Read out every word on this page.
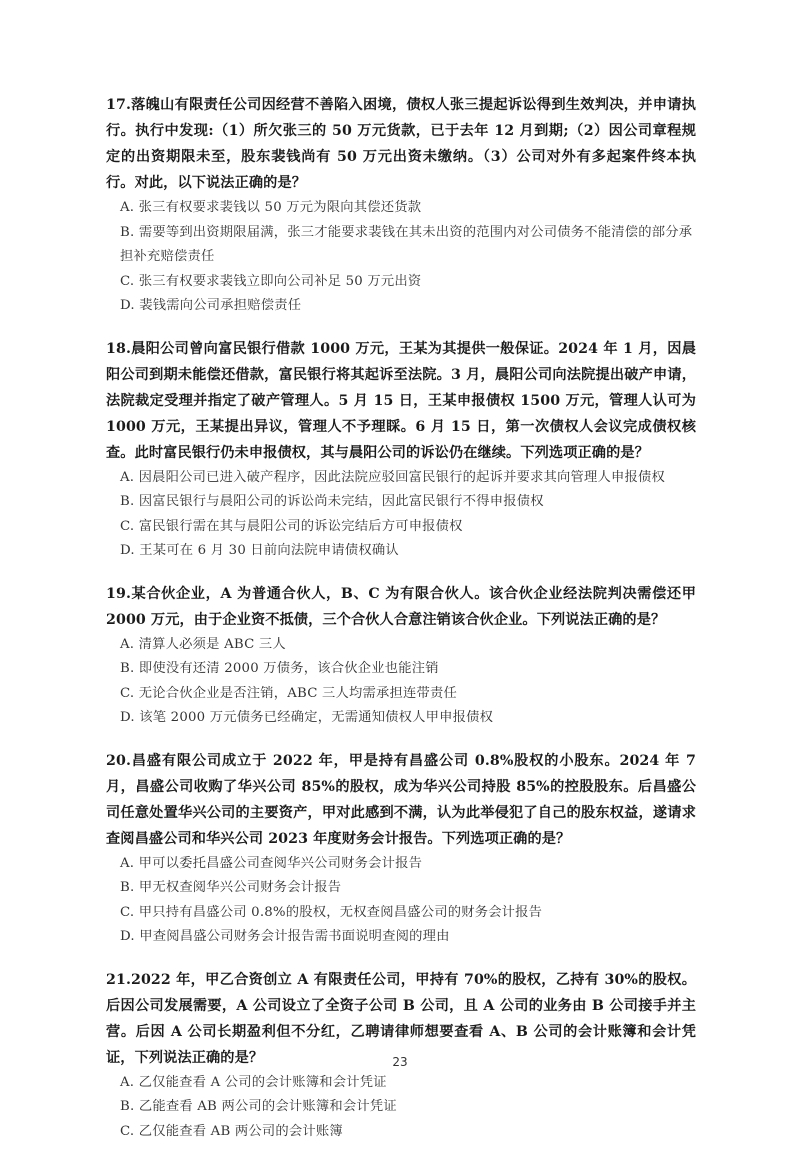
17.落魄山有限责任公司因经营不善陷入困境，债权人张三提起诉讼得到生效判决，并申请执行。执行中发现:（1）所欠张三的 50 万元货款，已于去年 12 月到期;（2）因公司章程规定的出资期限未至，股东裴钱尚有 50 万元出资未缴纳。（3）公司对外有多起案件终本执行。对此，以下说法正确的是？

A. 张三有权要求裴钱以 50 万元为限向其偿还货款

B. 需要等到出资期限届满，张三才能要求裴钱在其未出资的范围内对公司债务不能清偿的部分承担补充赔偿责任

C. 张三有权要求裴钱立即向公司补足 50 万元出资

D. 裴钱需向公司承担赔偿责任

18.晨阳公司曾向富民银行借款 1000 万元，王某为其提供一般保证。2024 年 1 月，因晨阳公司到期未能偿还借款，富民银行将其起诉至法院。3 月，晨阳公司向法院提出破产申请，法院裁定受理并指定了破产管理人。5 月 15 日，王某申报债权 1500 万元，管理人认可为 1000 万元，王某提出异议，管理人不予理睬。6 月 15 日，第一次债权人会议完成债权核查。此时富民银行仍未申报债权，其与晨阳公司的诉讼仍在继续。下列选项正确的是？

A. 因晨阳公司已进入破产程序，因此法院应驳回富民银行的起诉并要求其向管理人申报债权

B. 因富民银行与晨阳公司的诉讼尚未完结，因此富民银行不得申报债权

C. 富民银行需在其与晨阳公司的诉讼完结后方可申报债权

D. 王某可在 6 月 30 日前向法院申请债权确认

19.某合伙企业，A 为普通合伙人，B、C 为有限合伙人。该合伙企业经法院判决需偿还甲 2000 万元，由于企业资不抵债，三个合伙人合意注销该合伙企业。下列说法正确的是？

A. 清算人必须是 ABC 三人

B. 即使没有还清 2000 万债务，该合伙企业也能注销

C. 无论合伙企业是否注销，ABC 三人均需承担连带责任

D. 该笔 2000 万元债务已经确定，无需通知债权人甲申报债权

20.昌盛有限公司成立于 2022 年，甲是持有昌盛公司 0.8%股权的小股东。2024 年 7 月，昌盛公司收购了华兴公司 85%的股权，成为华兴公司持股 85%的控股股东。后昌盛公司任意处置华兴公司的主要资产，甲对此感到不满，认为此举侵犯了自己的股东权益，遂请求查阅昌盛公司和华兴公司 2023 年度财务会计报告。下列选项正确的是？

A. 甲可以委托昌盛公司查阅华兴公司财务会计报告

B. 甲无权查阅华兴公司财务会计报告

C. 甲只持有昌盛公司 0.8%的股权，无权查阅昌盛公司的财务会计报告

D. 甲查阅昌盛公司财务会计报告需书面说明查阅的理由

21.2022 年，甲乙合资创立 A 有限责任公司，甲持有 70%的股权，乙持有 30%的股权。后因公司发展需要，A 公司设立了全资子公司 B 公司，且 A 公司的业务由 B 公司接手并主营。后因 A 公司长期盈利但不分红，乙聘请律师想要查看 A、B 公司的会计账簿和会计凭证，下列说法正确的是？

A. 乙仅能查看 A 公司的会计账簿和会计凭证

B. 乙能查看 AB 两公司的会计账簿和会计凭证

C. 乙仅能查看 AB 两公司的会计账簿

23
